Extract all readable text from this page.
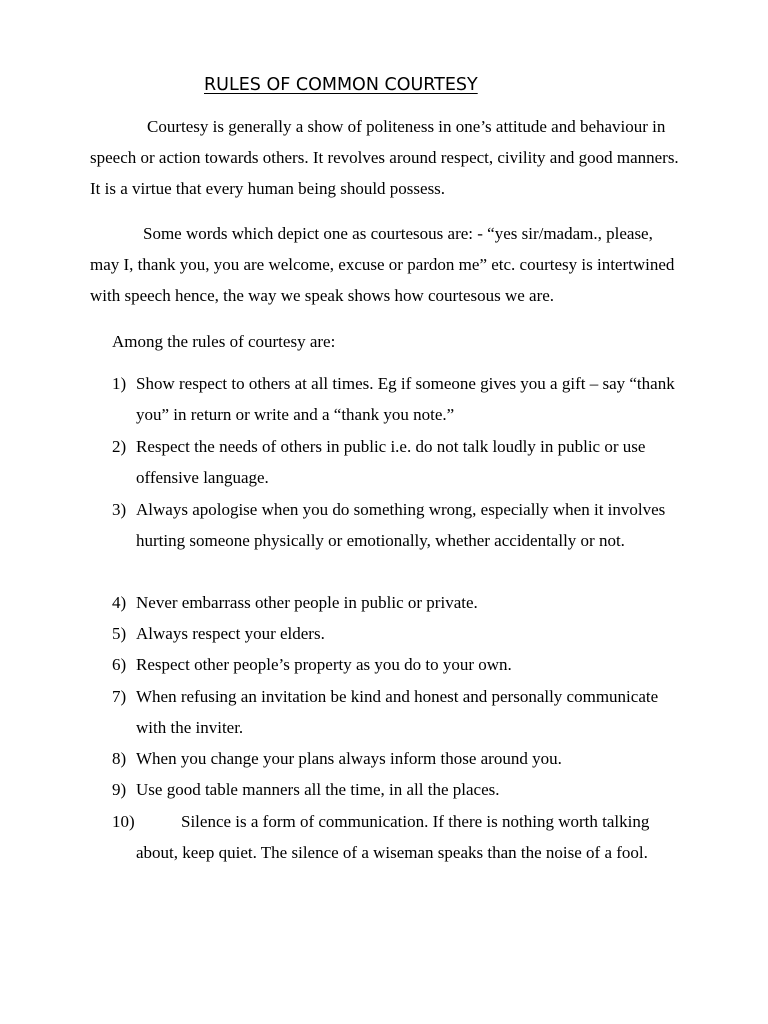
RULES OF COMMON COURTESY

Courtesy is generally a show of politeness in one’s attitude and behaviour in speech or action towards others. It revolves around respect, civility and good manners. It is a virtue that every human being should possess.

Some words which depict one as courtesous are: - “yes sir/madam., please, may I, thank you, you are welcome, excuse or pardon me” etc. courtesy is intertwined with speech hence, the way we speak shows how courtesous we are.

Among the rules of courtesy are:

1) Show respect to others at all times. Eg if someone gives you a gift – say “thank you” in return or write and a “thank you note.”
2) Respect the needs of others in public i.e. do not talk loudly in public or use offensive language.
3) Always apologise when you do something wrong, especially when it involves hurting someone physically or emotionally, whether accidentally or not.
4) Never embarrass other people in public or private.
5) Always respect your elders.
6) Respect other people’s property as you do to your own.
7) When refusing an invitation be kind and honest and personally communicate with the inviter.
8) When you change your plans always inform those around you.
9) Use good table manners all the time, in all the places.
10)	Silence is a form of communication. If there is nothing worth talking about, keep quiet. The silence of a wiseman speaks than the noise of a fool.
